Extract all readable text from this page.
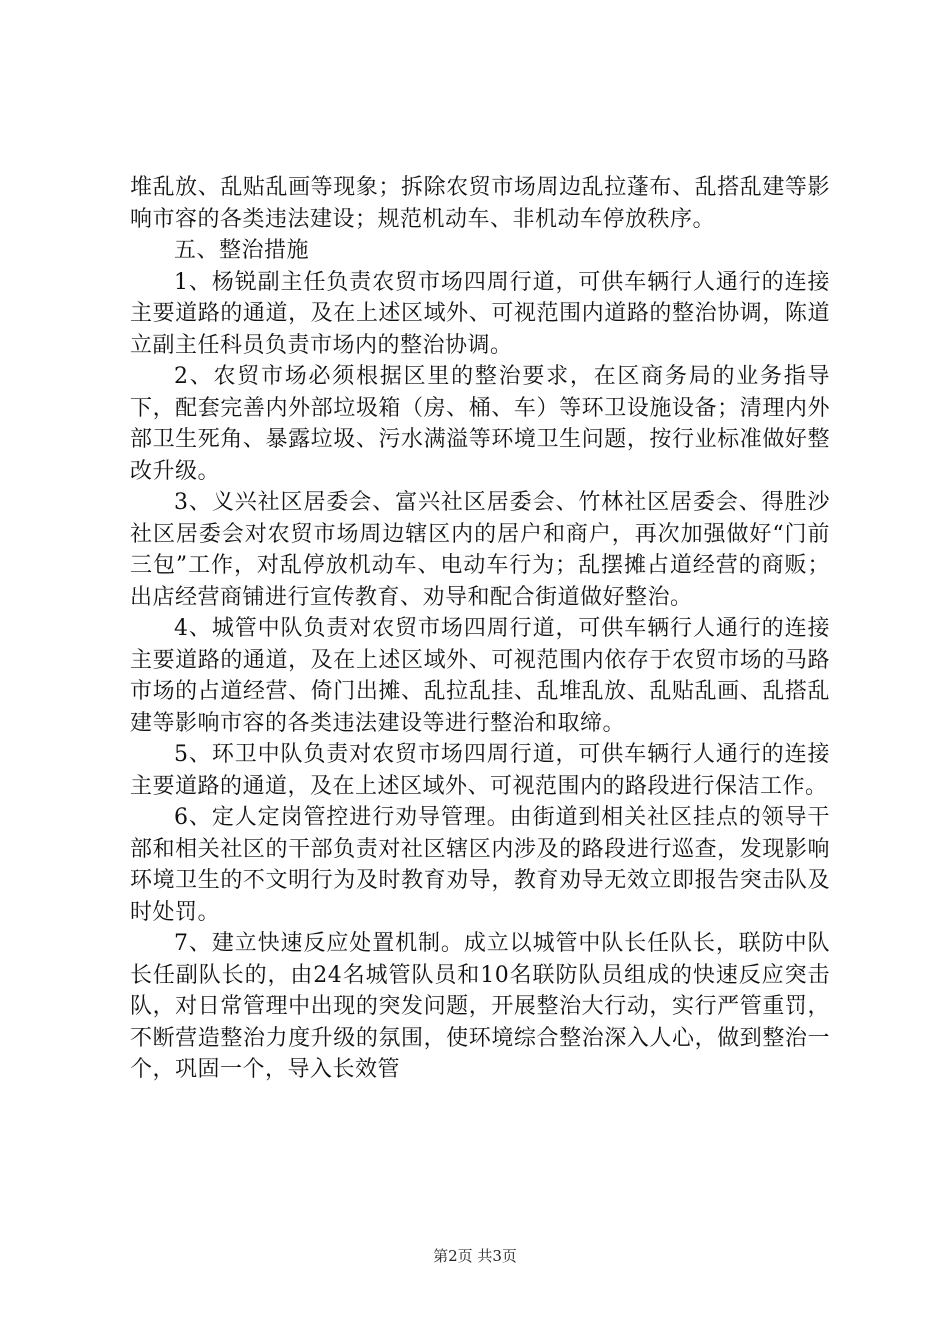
堆乱放、乱贴乱画等现象；拆除农贸市场周边乱拉蓬布、乱搭乱建等影响市容的各类违法建设；规范机动车、非机动车停放秩序。

五、整治措施

1、杨锐副主任负责农贸市场四周行道，可供车辆行人通行的连接主要道路的通道，及在上述区域外、可视范围内道路的整治协调，陈道立副主任科员负责市场内的整治协调。

2、农贸市场必须根据区里的整治要求，在区商务局的业务指导下，配套完善内外部垃圾箱（房、桶、车）等环卫设施设备；清理内外部卫生死角、暴露垃圾、污水满溢等环境卫生问题，按行业标准做好整改升级。

3、义兴社区居委会、富兴社区居委会、竹林社区居委会、得胜沙社区居委会对农贸市场周边辖区内的居户和商户，再次加强做好“门前三包”工作，对乱停放机动车、电动车行为；乱摆摊占道经营的商贩；出店经营商铺进行宣传教育、劝导和配合街道做好整治。

4、城管中队负责对农贸市场四周行道，可供车辆行人通行的连接主要道路的通道，及在上述区域外、可视范围内依存于农贸市场的马路市场的占道经营、倚门出摊、乱拉乱挂、乱堆乱放、乱贴乱画、乱搭乱建等影响市容的各类违法建设等进行整治和取缔。

5、环卫中队负责对农贸市场四周行道，可供车辆行人通行的连接主要道路的通道，及在上述区域外、可视范围内的路段进行保洁工作。

6、定人定岗管控进行劝导管理。由街道到相关社区挂点的领导干部和相关社区的干部负责对社区辖区内涉及的路段进行巡查，发现影响环境卫生的不文明行为及时教育劝导，教育劝导无效立即报告突击队及时处罚。

7、建立快速反应处置机制。成立以城管中队长任队长，联防中队长任副队长的，由24名城管队员和10名联防队员组成的快速反应突击队，对日常管理中出现的突发问题，开展整治大行动，实行严管重罚，不断营造整治力度升级的氛围，使环境综合整治深入人心，做到整治一个，巩固一个，导入长效管

第2页 共3页
